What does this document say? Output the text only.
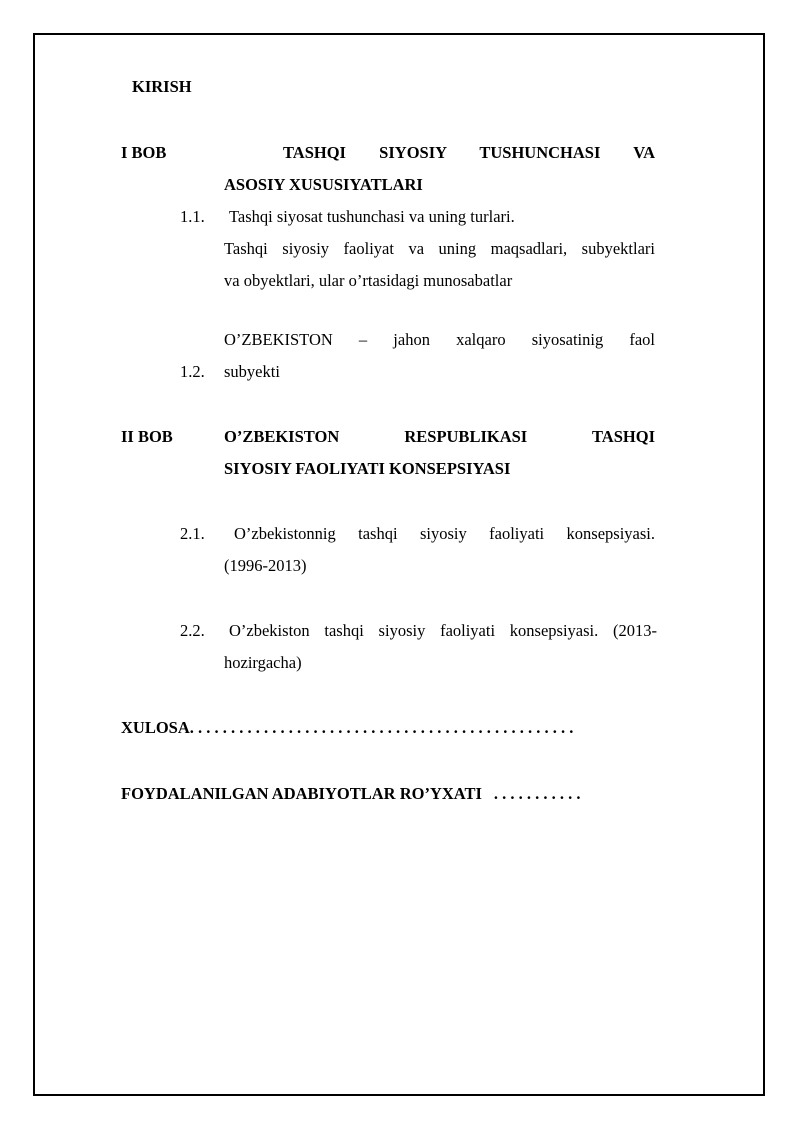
KIRISH
I BOB	TASHQI SIYOSIY TUSHUNCHASI VA
ASOSIY XUSUSIYATLARI
1.1. Tashqi siyosat tushunchasi va uning turlari.
Tashqi siyosiy faoliyat va uning maqsadlari, subyektlari
va obyektlari, ular o’rtasidagi munosabatlar
O’ZBEKISTON – jahon xalqaro siyosatinig faol
1.2. subyekti
II BOB	O’ZBEKISTON RESPUBLIKASI TASHQI
SIYOSIY FAOLIYATI KONSEPSIYASI
2.1. O’zbekistonnig tashqi siyosiy faoliyati konsepsiyasi.
(1996-2013)
2.2. O’zbekiston tashqi siyosiy faoliyati konsepsiyasi. (2013-
hozirgacha)
XULOSA. . . . . . . . . . . . . . . . . . . . . . . . . . . . . . . . . . . . . . . . . . . . . . .
FOYDALANILGAN ADABIYOTLAR RO’YXATI . . . . . . . . . . .
